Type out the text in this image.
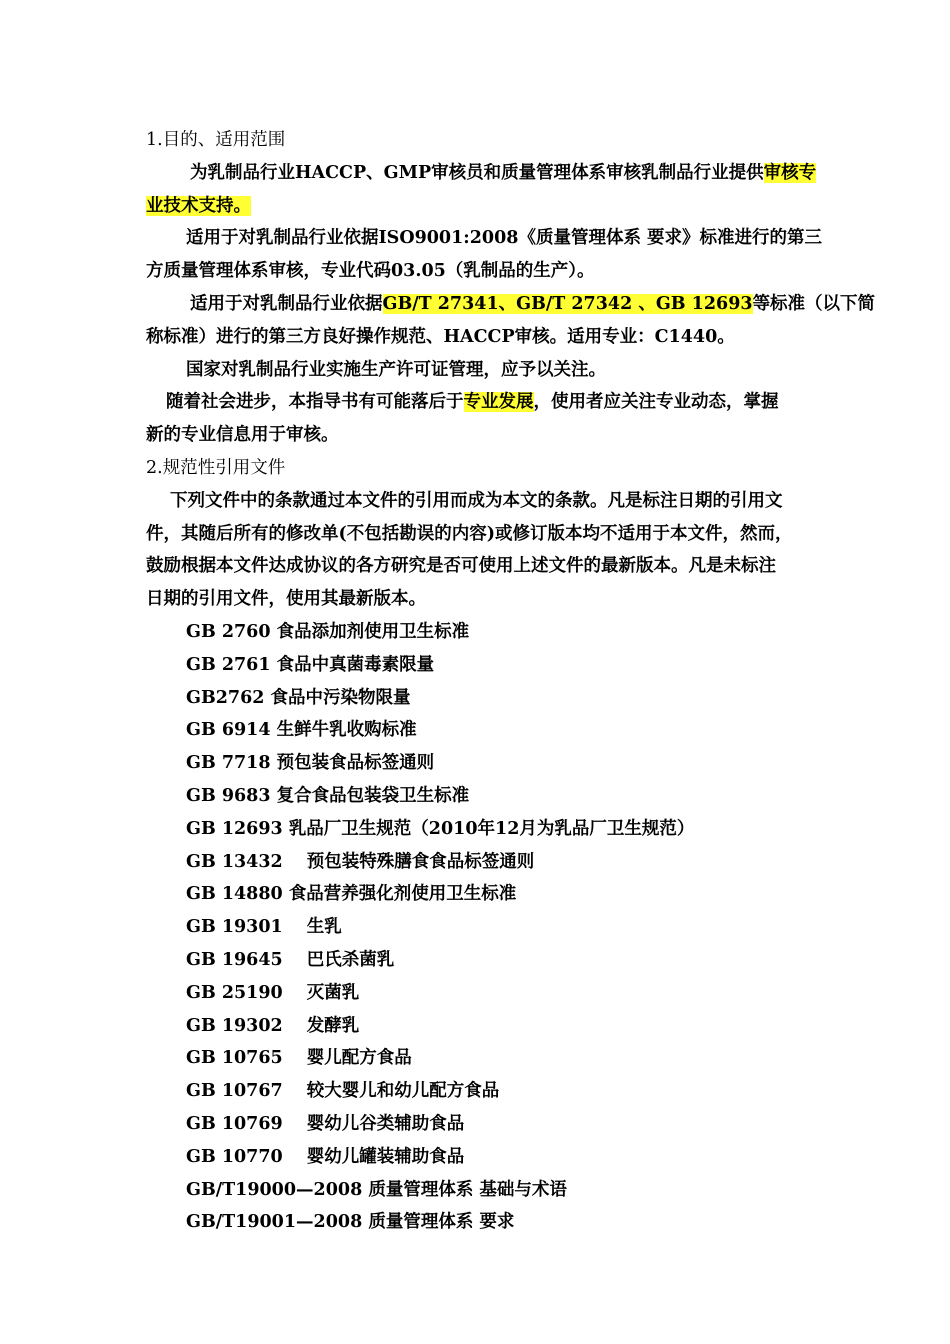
1.目的、适用范围
为乳制品行业HACCP、GMP审核员和质量管理体系审核乳制品行业提供审核专
业技术支持。
适用于对乳制品行业依据ISO9001:2008《质量管理体系 要求》标准进行的第三
方质量管理体系审核，专业代码03.05（乳制品的生产）。
适用于对乳制品行业依据GB/T 27341、GB/T 27342 、GB 12693等标准（以下简
称标准）进行的第三方良好操作规范、HACCP审核。适用专业：C1440。
国家对乳制品行业实施生产许可证管理，应予以关注。
随着社会进步，本指导书有可能落后于专业发展，使用者应关注专业动态，掌握
新的专业信息用于审核。
2.规范性引用文件
下列文件中的条款通过本文件的引用而成为本文的条款。凡是标注日期的引用文
件，其随后所有的修改单(不包括勘误的内容)或修订版本均不适用于本文件，然而，
鼓励根据本文件达成协议的各方研究是否可使用上述文件的最新版本。凡是未标注
日期的引用文件，使用其最新版本。
GB 2760 食品添加剂使用卫生标准
GB 2761 食品中真菌毒素限量
GB2762 食品中污染物限量
GB 6914 生鲜牛乳收购标准
GB 7718 预包装食品标签通则
GB 9683 复合食品包装袋卫生标准
GB 12693 乳品厂卫生规范（2010年12月为乳品厂卫生规范）
GB 13432 预包装特殊膳食食品标签通则
GB 14880 食品营养强化剂使用卫生标准
GB 19301 生乳
GB 19645 巴氏杀菌乳
GB 25190 灭菌乳
GB 19302 发酵乳
GB 10765 婴儿配方食品
GB 10767 较大婴儿和幼儿配方食品
GB 10769 婴幼儿谷类辅助食品
GB 10770 婴幼儿罐装辅助食品
GB/T19000—2008 质量管理体系 基础与术语
GB/T19001—2008 质量管理体系 要求
